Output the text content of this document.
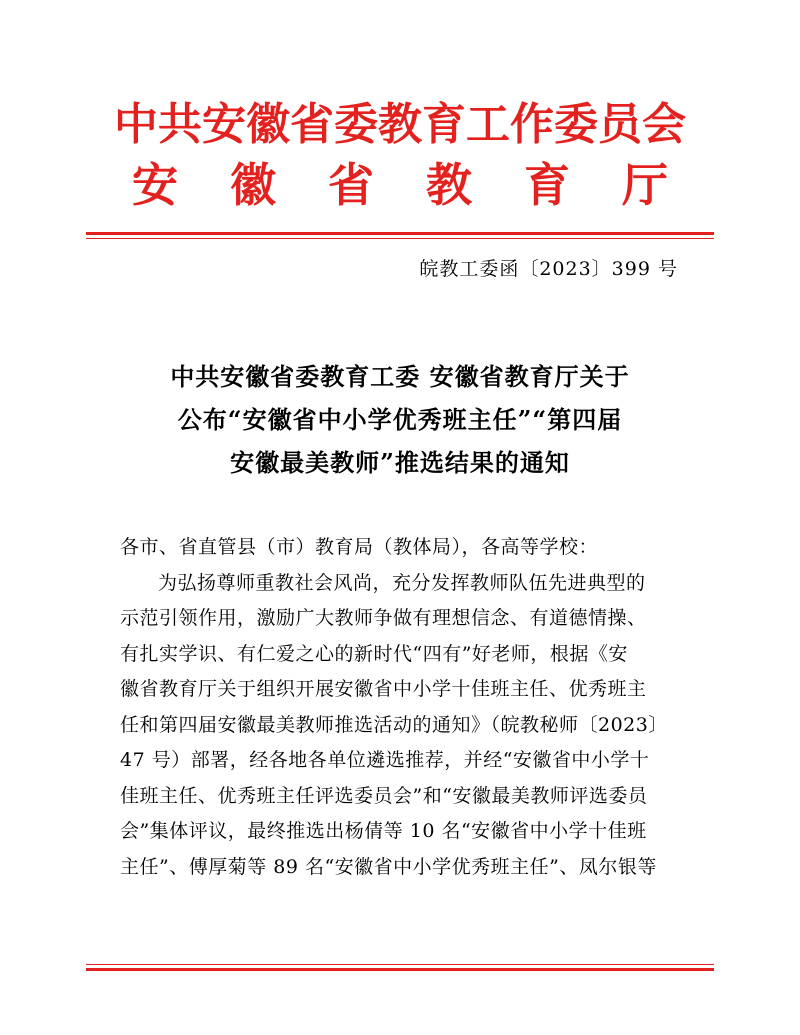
中共安徽省委教育工作委员会
安徽省教育厅
皖教工委函〔2023〕399 号
中共安徽省委教育工委 安徽省教育厅关于
公布“安徽省中小学优秀班主任”“第四届
安徽最美教师”推选结果的通知
各市、省直管县（市）教育局（教体局），各高等学校：
为弘扬尊师重教社会风尚，充分发挥教师队伍先进典型的
示范引领作用，激励广大教师争做有理想信念、有道德情操、
有扎实学识、有仁爱之心的新时代“四有”好老师，根据《安
徽省教育厅关于组织开展安徽省中小学十佳班主任、优秀班主
任和第四届安徽最美教师推选活动的通知》（皖教秘师〔2023〕
47 号）部署，经各地各单位遴选推荐，并经“安徽省中小学十
佳班主任、优秀班主任评选委员会”和“安徽最美教师评选委员
会”集体评议，最终推选出杨倩等 10 名“安徽省中小学十佳班
主任”、傅厚菊等 89 名“安徽省中小学优秀班主任”、凤尔银等
